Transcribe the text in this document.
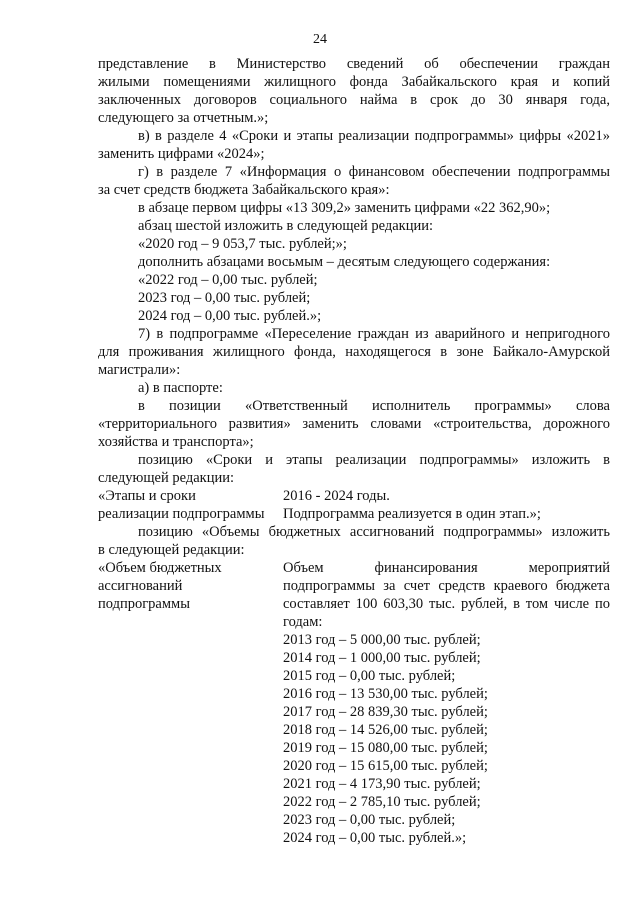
24
представление в Министерство сведений об обеспечении граждан
жилыми помещениями жилищного фонда Забайкальского края и копий
заключенных договоров социального найма в срок до 30 января года,
следующего за отчетным.»;
в) в разделе 4 «Сроки и этапы реализации подпрограммы» цифры «2021»
заменить цифрами «2024»;
г) в разделе 7 «Информация о финансовом обеспечении подпрограммы
за счет средств бюджета Забайкальского края»:
в абзаце первом цифры «13 309,2» заменить цифрами «22 362,90»;
абзац шестой изложить в следующей редакции:
«2020 год – 9 053,7 тыс. рублей;»;
дополнить абзацами восьмым – десятым следующего содержания:
«2022 год – 0,00 тыс. рублей;
2023 год – 0,00 тыс. рублей;
2024 год – 0,00 тыс. рублей.»;
7) в подпрограмме «Переселение граждан из аварийного и непригодного
для проживания жилищного фонда, находящегося в зоне Байкало-Амурской
магистрали»:
а) в паспорте:
в позиции «Ответственный исполнитель программы» слова
«территориального развития» заменить словами «строительства, дорожного
хозяйства и транспорта»;
позицию «Сроки и этапы реализации подпрограммы» изложить в
следующей редакции:
«Этапы и сроки	2016 - 2024 годы.
реализации подпрограммы Подпрограмма реализуется в один этап.»;
позицию «Объемы бюджетных ассигнований подпрограммы» изложить
в следующей редакции:
«Объем бюджетных
ассигнований
подпрограммы
Объем финансирования мероприятий
подпрограммы за счет средств краевого бюджета
составляет 100 603,30 тыс. рублей, в том числе по
годам:
2013 год – 5 000,00 тыс. рублей;
2014 год – 1 000,00 тыс. рублей;
2015 год – 0,00 тыс. рублей;
2016 год – 13 530,00 тыс. рублей;
2017 год – 28 839,30 тыс. рублей;
2018 год – 14 526,00 тыс. рублей;
2019 год – 15 080,00 тыс. рублей;
2020 год – 15 615,00 тыс. рублей;
2021 год – 4 173,90 тыс. рублей;
2022 год – 2 785,10 тыс. рублей;
2023 год – 0,00 тыс. рублей;
2024 год – 0,00 тыс. рублей.»;
